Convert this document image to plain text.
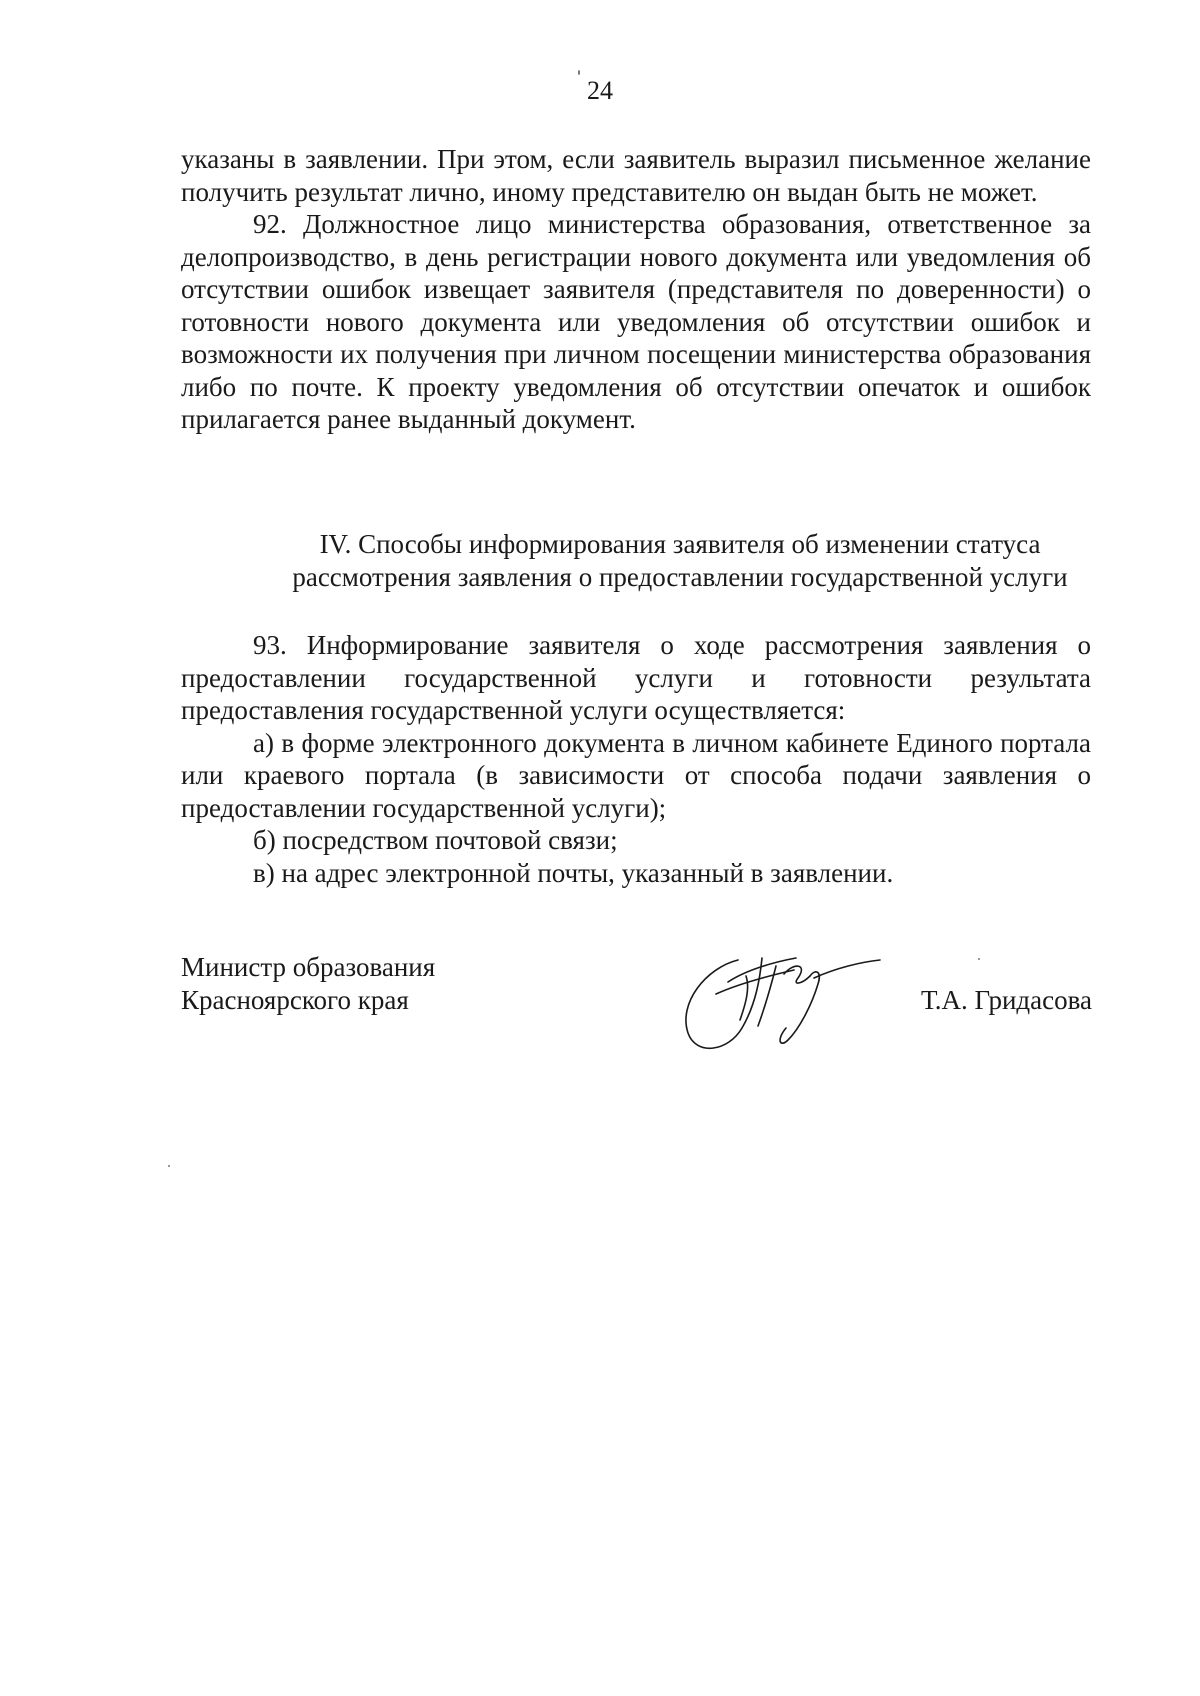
24

указаны в заявлении. При этом, если заявитель выразил письменное желание получить результат лично, иному представителю он выдан быть не может.

92. Должностное лицо министерства образования, ответственное за делопроизводство, в день регистрации нового документа или уведомления об отсутствии ошибок извещает заявителя (представителя по доверенности) о готовности нового документа или уведомления об отсутствии ошибок и возможности их получения при личном посещении министерства образования либо по почте. К проекту уведомления об отсутствии опечаток и ошибок прилагается ранее выданный документ.

IV. Способы информирования заявителя об изменении статуса
рассмотрения заявления о предоставлении государственной услуги

93. Информирование заявителя о ходе рассмотрения заявления о предоставлении государственной услуги и готовности результата предоставления государственной услуги осуществляется:

а) в форме электронного документа в личном кабинете Единого портала или краевого портала (в зависимости от способа подачи заявления о предоставлении государственной услуги);

б) посредством почтовой связи;

в) на адрес электронной почты, указанный в заявлении.

Министр образования
Красноярского края	Т.А. Гридасова
